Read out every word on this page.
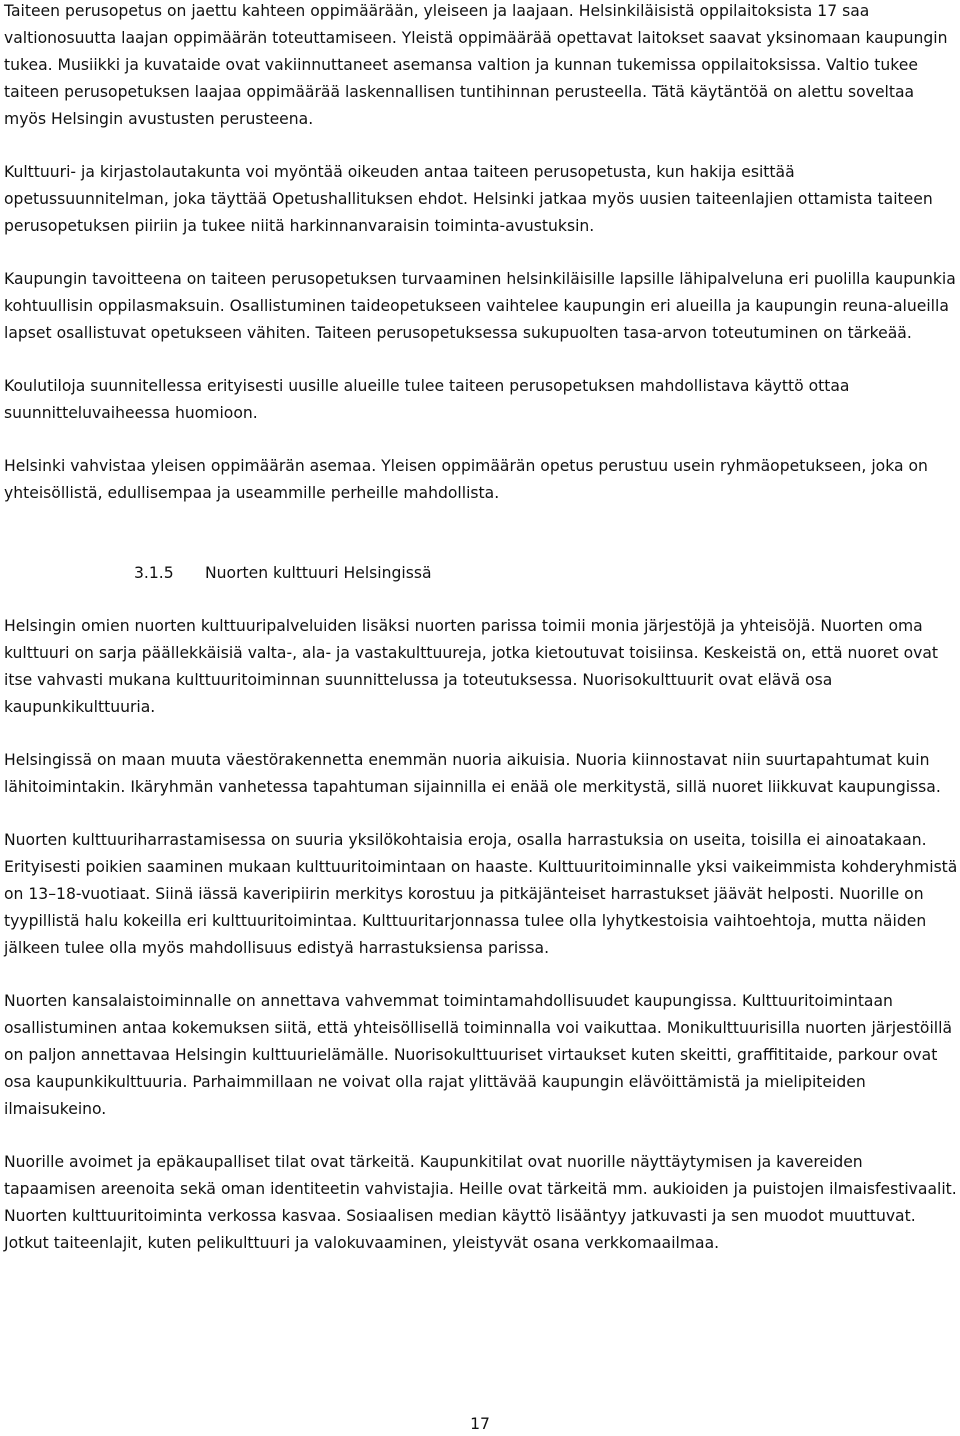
Taiteen perusopetus on jaettu kahteen oppimäärään, yleiseen ja laajaan. Helsinkiläisistä oppilaitoksista 17 saa valtionosuutta laajan oppimäärän toteuttamiseen. Yleistä oppimäärää opettavat laitokset saavat yksinomaan kaupungin tukea. Musiikki ja kuvataide ovat vakiinnuttaneet asemansa valtion ja kunnan tukemissa oppilaitoksissa. Valtio tukee taiteen perusopetuksen laajaa oppimäärää laskennallisen tuntihinnan perusteella. Tätä käytäntöä on alettu soveltaa myös Helsingin avustusten perusteena.

Kulttuuri- ja kirjastolautakunta voi myöntää oikeuden antaa taiteen perusopetusta, kun hakija esittää opetussuunnitelman, joka täyttää Opetushallituksen ehdot. Helsinki jatkaa myös uusien taiteenlajien ottamista taiteen perusopetuksen piiriin ja tukee niitä harkinnanvaraisin toiminta-avustuksin.

Kaupungin tavoitteena on taiteen perusopetuksen turvaaminen helsinkiläisille lapsille lähipalveluna eri puolilla kaupunkia kohtuullisin oppilasmaksuin. Osallistuminen taideopetukseen vaihtelee kaupungin eri alueilla ja kaupungin reuna-alueilla lapset osallistuvat opetukseen vähiten. Taiteen perusopetuksessa sukupuolten tasa-arvon toteutuminen on tärkeää.

Koulutiloja suunnitellessa erityisesti uusille alueille tulee taiteen perusopetuksen mahdollistava käyttö ottaa suunnitteluvaiheessa huomioon.

Helsinki vahvistaa yleisen oppimäärän asemaa. Yleisen oppimäärän opetus perustuu usein ryhmäopetukseen, joka on yhteisöllistä, edullisempaa ja useammille perheille mahdollista.

3.1.5 Nuorten kulttuuri Helsingissä

Helsingin omien nuorten kulttuuripalveluiden lisäksi nuorten parissa toimii monia järjestöjä ja yhteisöjä. Nuorten oma kulttuuri on sarja päällekkäisiä valta-, ala- ja vastakulttuureja, jotka kietoutuvat toisiinsa. Keskeistä on, että nuoret ovat itse vahvasti mukana kulttuuritoiminnan suunnittelussa ja toteutuksessa. Nuorisokulttuurit ovat elävä osa kaupunkikulttuuria.

Helsingissä on maan muuta väestörakennetta enemmän nuoria aikuisia. Nuoria kiinnostavat niin suurtapahtumat kuin lähitoimintakin. Ikäryhmän vanhetessa tapahtuman sijainnilla ei enää ole merkitystä, sillä nuoret liikkuvat kaupungissa.

Nuorten kulttuuriharrastamisessa on suuria yksilökohtaisia eroja, osalla harrastuksia on useita, toisilla ei ainoatakaan. Erityisesti poikien saaminen mukaan kulttuuritoimintaan on haaste. Kulttuuritoiminnalle yksi vaikeimmista kohderyhmistä on 13–18-vuotiaat. Siinä iässä kaveripiirin merkitys korostuu ja pitkäjänteiset harrastukset jäävät helposti. Nuorille on tyypillistä halu kokeilla eri kulttuuritoimintaa. Kulttuuritarjonnassa tulee olla lyhytkestoisia vaihtoehtoja, mutta näiden jälkeen tulee olla myös mahdollisuus edistyä harrastuksiensa parissa.

Nuorten kansalaistoiminnalle on annettava vahvemmat toimintamahdollisuudet kaupungissa. Kulttuuritoimintaan osallistuminen antaa kokemuksen siitä, että yhteisöllisellä toiminnalla voi vaikuttaa. Monikulttuurisilla nuorten järjestöillä on paljon annettavaa Helsingin kulttuurielämälle. Nuorisokulttuuriset virtaukset kuten skeitti, graffititaide, parkour ovat osa kaupunkikulttuuria. Parhaimmillaan ne voivat olla rajat ylittävää kaupungin elävöittämistä ja mielipiteiden ilmaisukeino.

Nuorille avoimet ja epäkaupalliset tilat ovat tärkeitä. Kaupunkitilat ovat nuorille näyttäytymisen ja kavereiden tapaamisen areenoita sekä oman identiteetin vahvistajia. Heille ovat tärkeitä mm. aukioiden ja puistojen ilmaisfestivaalit. Nuorten kulttuuritoiminta verkossa kasvaa. Sosiaalisen median käyttö lisääntyy jatkuvasti ja sen muodot muuttuvat. Jotkut taiteenlajit, kuten pelikulttuuri ja valokuvaaminen, yleistyvät osana verkkomaailmaa.

17
